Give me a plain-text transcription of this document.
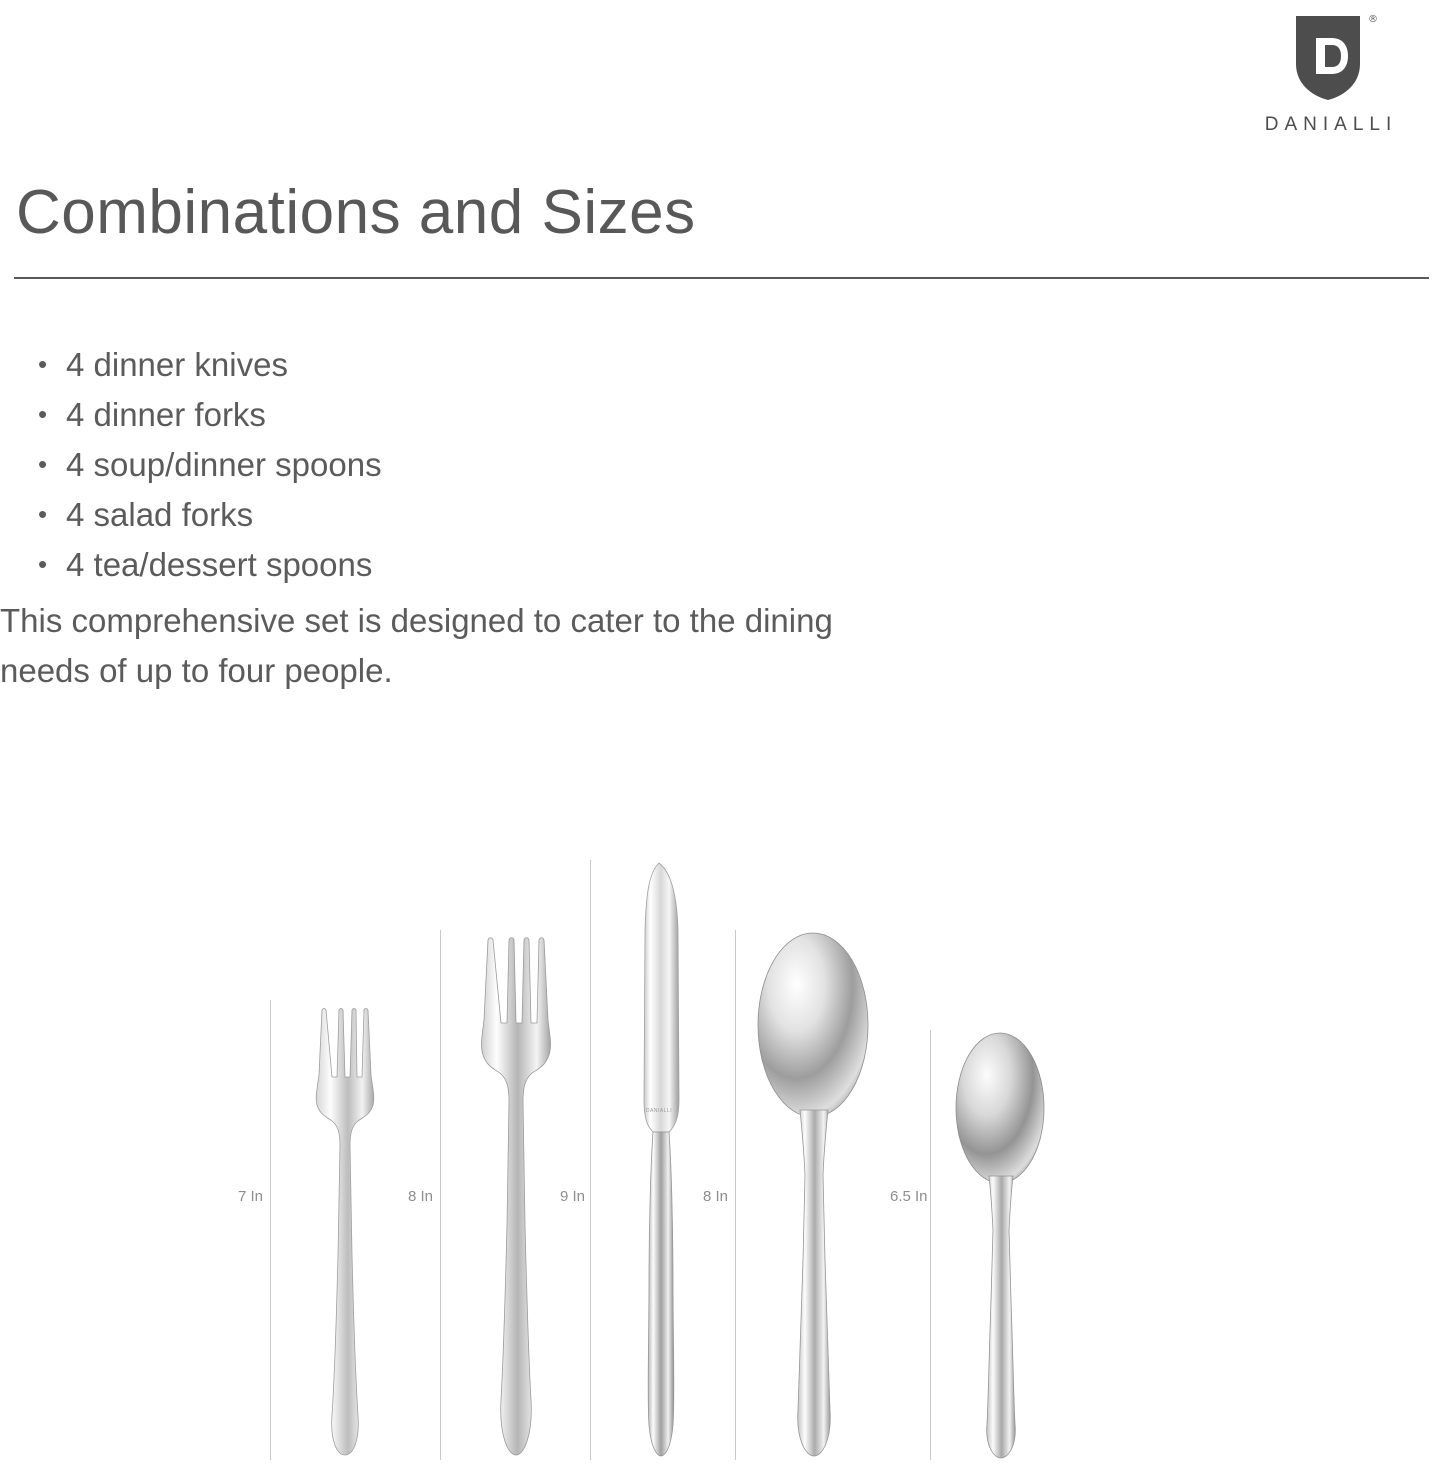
®
DANIALLI
Combinations and Sizes
• 4 dinner knives
• 4 dinner forks
• 4 soup/dinner spoons
• 4 salad forks
• 4 tea/dessert spoons

This comprehensive set is designed to cater to the dining needs of up to four people.

7 In	8 In	9 In	8 In	6.5 In
DANIALLI
